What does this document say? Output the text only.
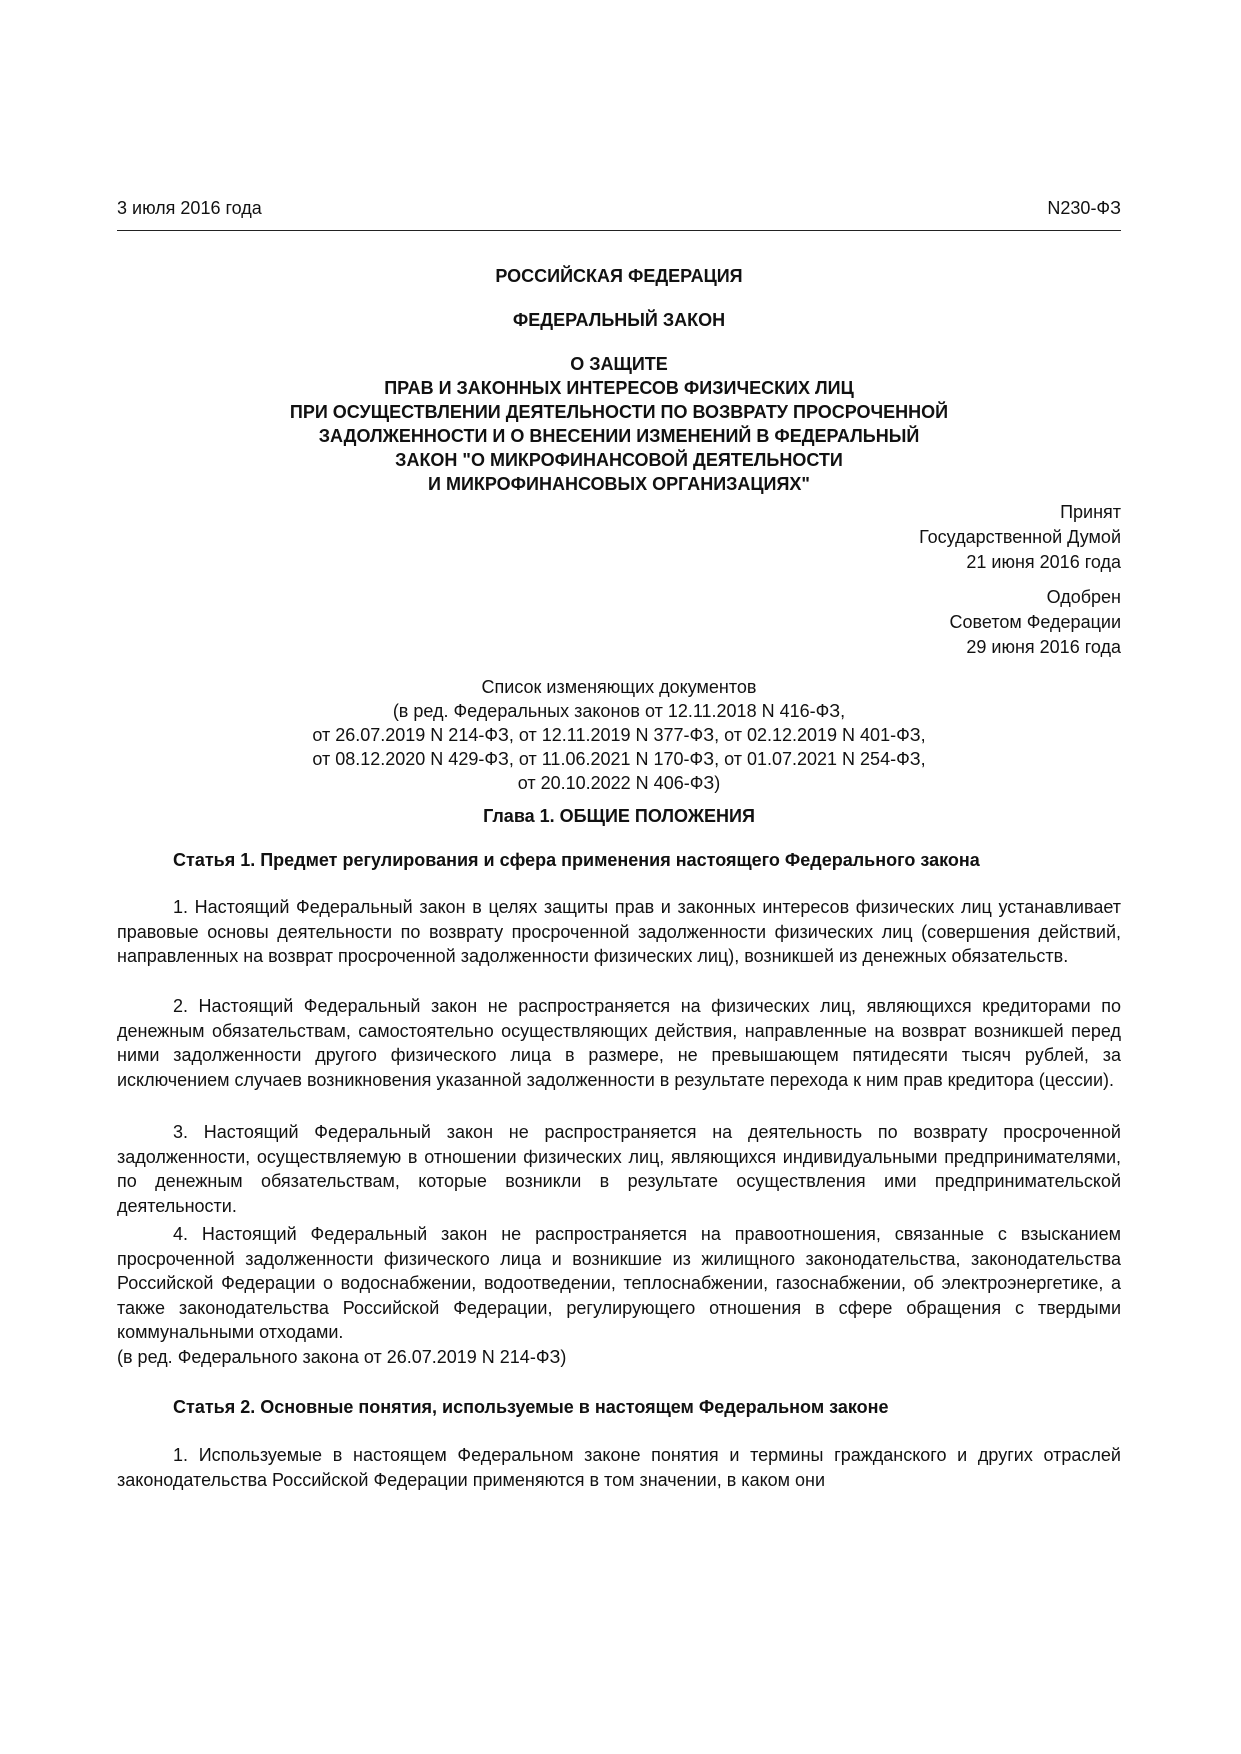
3 июля 2016 года	N230-ФЗ
РОССИЙСКАЯ ФЕДЕРАЦИЯ
ФЕДЕРАЛЬНЫЙ ЗАКОН
О ЗАЩИТЕ
ПРАВ И ЗАКОННЫХ ИНТЕРЕСОВ ФИЗИЧЕСКИХ ЛИЦ
ПРИ ОСУЩЕСТВЛЕНИИ ДЕЯТЕЛЬНОСТИ ПО ВОЗВРАТУ ПРОСРОЧЕННОЙ
ЗАДОЛЖЕННОСТИ И О ВНЕСЕНИИ ИЗМЕНЕНИЙ В ФЕДЕРАЛЬНЫЙ
ЗАКОН "О МИКРОФИНАНСОВОЙ ДЕЯТЕЛЬНОСТИ
И МИКРОФИНАНСОВЫХ ОРГАНИЗАЦИЯХ"
Принят
Государственной Думой
21 июня 2016 года
Одобрен
Советом Федерации
29 июня 2016 года
Список изменяющих документов
(в ред. Федеральных законов от 12.11.2018 N 416-ФЗ,
от 26.07.2019 N 214-ФЗ, от 12.11.2019 N 377-ФЗ, от 02.12.2019 N 401-ФЗ,
от 08.12.2020 N 429-ФЗ, от 11.06.2021 N 170-ФЗ, от 01.07.2021 N 254-ФЗ,
от 20.10.2022 N 406-ФЗ)
Глава 1. ОБЩИЕ ПОЛОЖЕНИЯ
Статья 1. Предмет регулирования и сфера применения настоящего Федерального закона

1. Настоящий Федеральный закон в целях защиты прав и законных интересов физических лиц устанавливает правовые основы деятельности по возврату просроченной задолженности физических лиц (совершения действий, направленных на возврат просроченной задолженности физических лиц), возникшей из денежных обязательств.

2. Настоящий Федеральный закон не распространяется на физических лиц, являющихся кредиторами по денежным обязательствам, самостоятельно осуществляющих действия, направленные на возврат возникшей перед ними задолженности другого физического лица в размере, не превышающем пятидесяти тысяч рублей, за исключением случаев возникновения указанной задолженности в результате перехода к ним прав кредитора (цессии).

3. Настоящий Федеральный закон не распространяется на деятельность по возврату просроченной задолженности, осуществляемую в отношении физических лиц, являющихся индивидуальными предпринимателями, по денежным обязательствам, которые возникли в результате осуществления ими предпринимательской деятельности.

4. Настоящий Федеральный закон не распространяется на правоотношения, связанные с взысканием просроченной задолженности физического лица и возникшие из жилищного законодательства, законодательства Российской Федерации о водоснабжении, водоотведении, теплоснабжении, газоснабжении, об электроэнергетике, а также законодательства Российской Федерации, регулирующего отношения в сфере обращения с твердыми коммунальными отходами.

(в ред. Федерального закона от 26.07.2019 N 214-ФЗ)

Статья 2. Основные понятия, используемые в настоящем Федеральном законе

1. Используемые в настоящем Федеральном законе понятия и термины гражданского и других отраслей законодательства Российской Федерации применяются в том значении, в каком они
